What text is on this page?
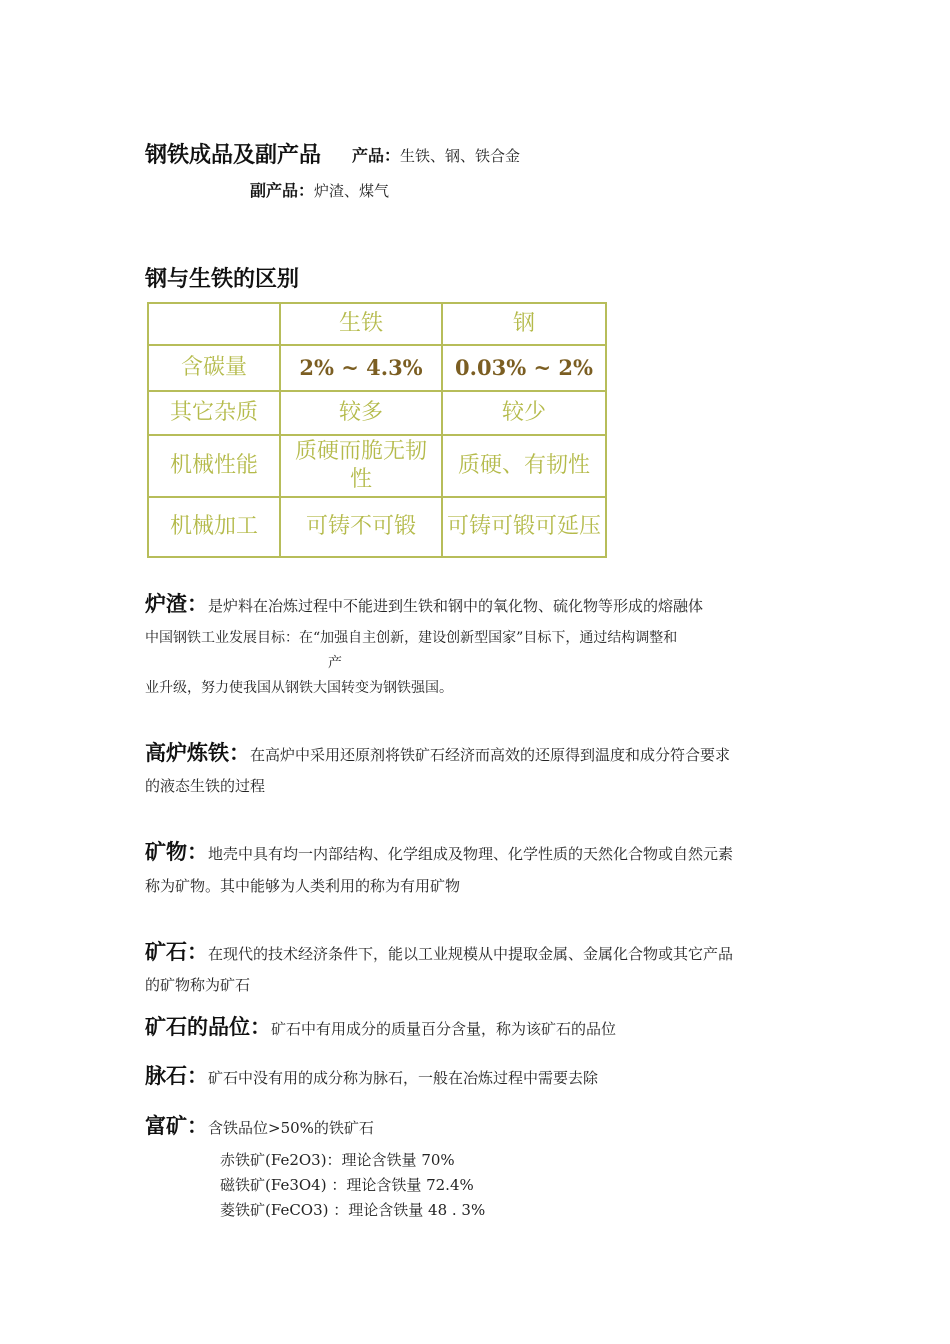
钢铁成品及副产品 产品：生铁、钢、铁合金
副产品：炉渣、煤气
钢与生铁的区别
	生铁	钢
含碳量	2% ~ 4.3%	0.03% ~ 2%
其它杂质	较多	较少
机械性能	质硬而脆无韧性	质硬、有韧性
机械加工	可铸不可锻	可铸可锻可延压
炉渣：是炉料在冶炼过程中不能进到生铁和钢中的氧化物、硫化物等形成的熔融体
中国钢铁工业发展目标：在“加强自主创新，建设创新型国家”目标下，通过结构调整和
产
业升级，努力使我国从钢铁大国转变为钢铁强国。
高炉炼铁：在高炉中采用还原剂将铁矿石经济而高效的还原得到温度和成分符合要求
的液态生铁的过程
矿物：地壳中具有均一内部结构、化学组成及物理、化学性质的天然化合物或自然元素
称为矿物。其中能够为人类利用的称为有用矿物
矿石：在现代的技术经济条件下，能以工业规模从中提取金属、金属化合物或其它产品
的矿物称为矿石
矿石的品位：矿石中有用成分的质量百分含量，称为该矿石的品位
脉石：矿石中没有用的成分称为脉石，一般在冶炼过程中需要去除
富矿：含铁品位>50%的铁矿石
赤铁矿(Fe2O3)：理论含铁量 70%
磁铁矿(Fe3O4) ：理论含铁量 72.4%
菱铁矿(FeCO3) ：理论含铁量 48 . 3%
